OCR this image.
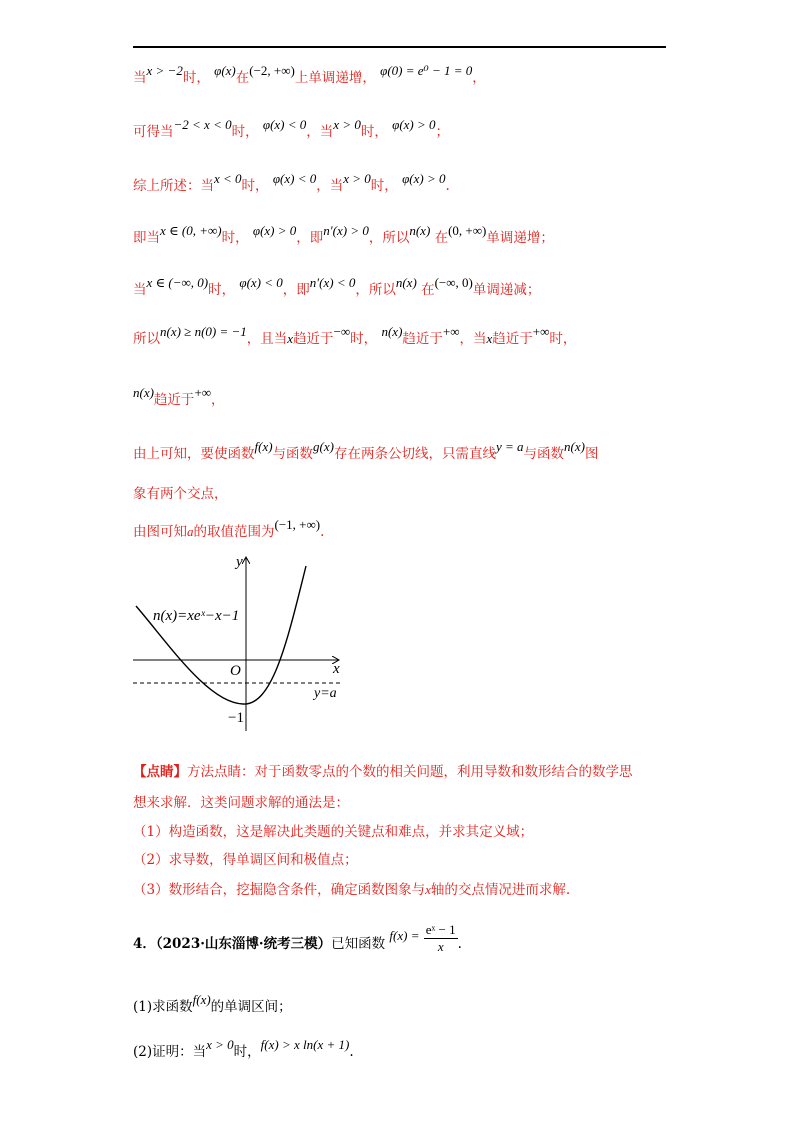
当x > −2时， φ(x)在(−2, +∞)上单调递增， φ(0) = e⁰ − 1 = 0，
可得当−2 < x < 0时， φ(x) < 0，当x > 0时， φ(x) > 0；
综上所述：当x < 0时， φ(x) < 0，当x > 0时， φ(x) > 0.
即当x ∈ (0, +∞)时， φ(x) > 0，即n′(x) > 0，所以n(x) 在(0, +∞)单调递增；
当x ∈ (−∞, 0)时， φ(x) < 0，即n′(x) < 0，所以n(x) 在(−∞, 0)单调递减；
所以n(x) ≥ n(0) = −1，且当x趋近于−∞时， n(x)趋近于+∞，当x趋近于+∞时，
n(x)趋近于+∞，
由上可知，要使函数f(x)与函数g(x)存在两条公切线，只需直线y = a与函数n(x)图
象有两个交点，
由图可知a的取值范围为(−1, +∞).
y
x
O
−1
n(x)=xeˣ−x−1
y=a
【点睛】方法点睛：对于函数零点的个数的相关问题，利用导数和数形结合的数学思
想来求解．这类问题求解的通法是：
（1）构造函数，这是解决此类题的关键点和难点，并求其定义域；
（2）求导数，得单调区间和极值点；
（3）数形结合，挖掘隐含条件，确定函数图象与x轴的交点情况进而求解.
4．（2023·山东淄博·统考三模）已知函数 $f(x) = \frac{\text{eˣ − 1}}{x}$ .
(1)求函数f(x)的单调区间；
(2)证明：当x > 0时，f(x) > x ln(x + 1).
